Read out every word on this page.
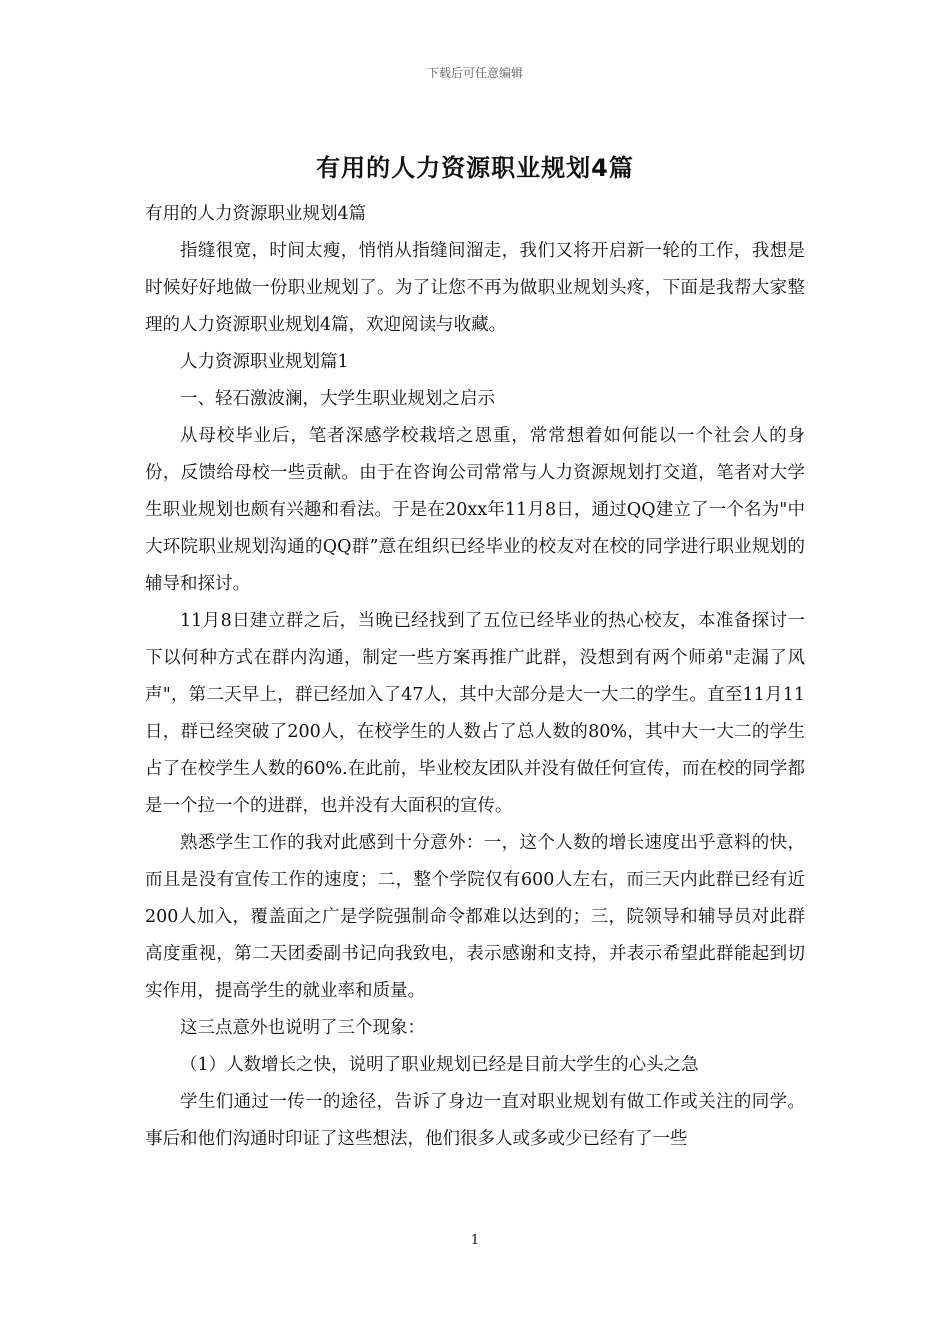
下载后可任意编辑
有用的人力资源职业规划4篇

有用的人力资源职业规划4篇

指缝很宽，时间太瘦，悄悄从指缝间溜走，我们又将开启新一轮的工作，我想是时候好好地做一份职业规划了。为了让您不再为做职业规划头疼，下面是我帮大家整理的人力资源职业规划4篇，欢迎阅读与收藏。

人力资源职业规划篇1

一、轻石激波澜，大学生职业规划之启示

从母校毕业后，笔者深感学校栽培之恩重，常常想着如何能以一个社会人的身份，反馈给母校一些贡献。由于在咨询公司常常与人力资源规划打交道，笔者对大学生职业规划也颇有兴趣和看法。于是在20xx年11月8日，通过QQ建立了一个名为"中大环院职业规划沟通的QQ群”意在组织已经毕业的校友对在校的同学进行职业规划的辅导和探讨。

11月8日建立群之后，当晚已经找到了五位已经毕业的热心校友，本准备探讨一下以何种方式在群内沟通，制定一些方案再推广此群，没想到有两个师弟"走漏了风声"，第二天早上，群已经加入了47人，其中大部分是大一大二的学生。直至11月11日，群已经突破了200人，在校学生的人数占了总人数的80%，其中大一大二的学生占了在校学生人数的60%.在此前，毕业校友团队并没有做任何宣传，而在校的同学都是一个拉一个的进群，也并没有大面积的宣传。

熟悉学生工作的我对此感到十分意外：一，这个人数的增长速度出乎意料的快，而且是没有宣传工作的速度；二，整个学院仅有600人左右，而三天内此群已经有近200人加入，覆盖面之广是学院强制命令都难以达到的；三，院领导和辅导员对此群高度重视，第二天团委副书记向我致电，表示感谢和支持，并表示希望此群能起到切实作用，提高学生的就业率和质量。

这三点意外也说明了三个现象：

（1）人数增长之快，说明了职业规划已经是目前大学生的心头之急

学生们通过一传一的途径，告诉了身边一直对职业规划有做工作或关注的同学。事后和他们沟通时印证了这些想法，他们很多人或多或少已经有了一些

1
